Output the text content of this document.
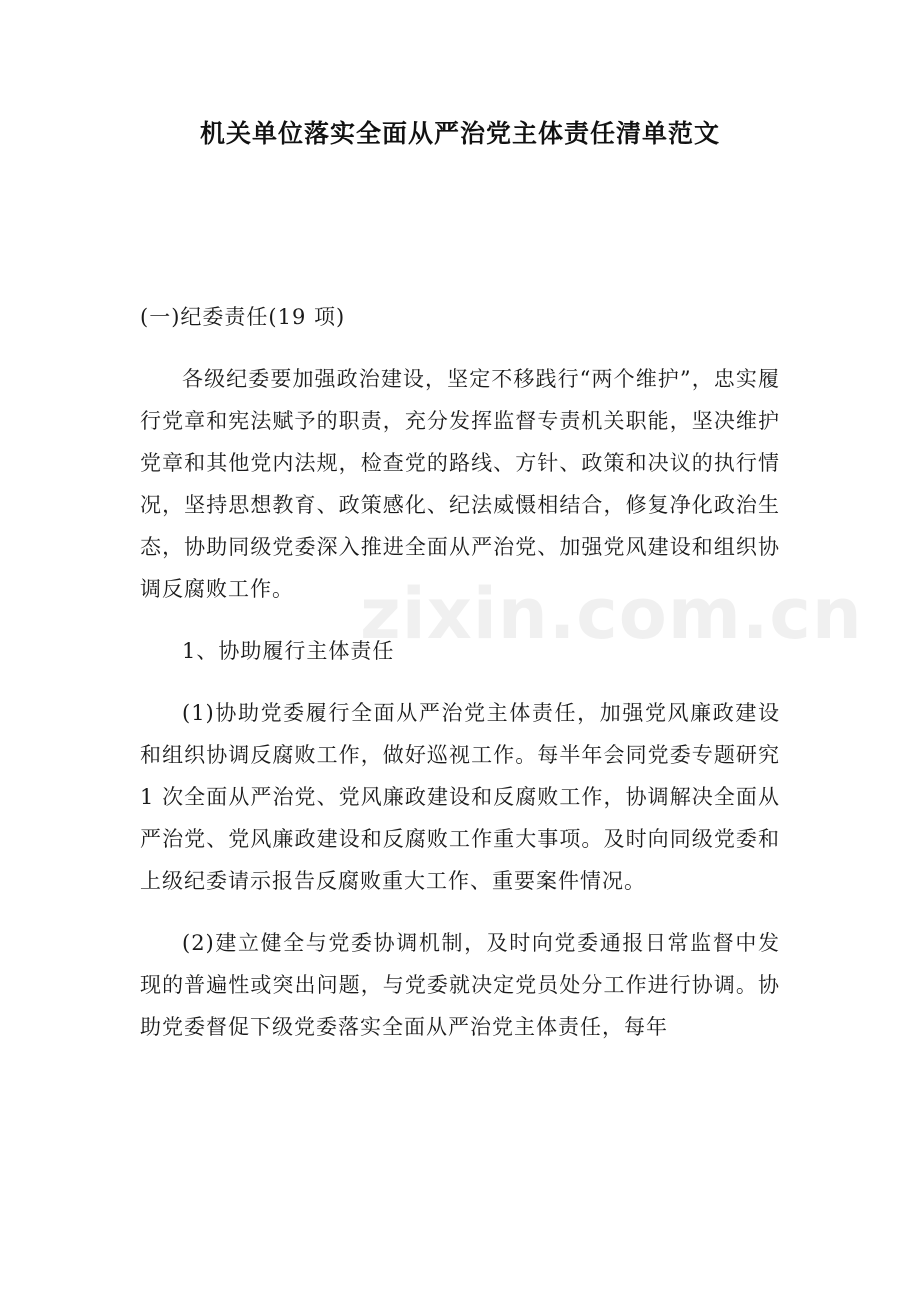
机关单位落实全面从严治党主体责任清单范文
zixin.com.cn

(一)纪委责任(19 项)

各级纪委要加强政治建设，坚定不移践行“两个维护”，忠实履行党章和宪法赋予的职责，充分发挥监督专责机关职能，坚决维护党章和其他党内法规，检查党的路线、方针、政策和决议的执行情况，坚持思想教育、政策感化、纪法威慑相结合，修复净化政治生态，协助同级党委深入推进全面从严治党、加强党风建设和组织协调反腐败工作。

1、协助履行主体责任

(1)协助党委履行全面从严治党主体责任，加强党风廉政建设和组织协调反腐败工作，做好巡视工作。每半年会同党委专题研究 1 次全面从严治党、党风廉政建设和反腐败工作，协调解决全面从严治党、党风廉政建设和反腐败工作重大事项。及时向同级党委和上级纪委请示报告反腐败重大工作、重要案件情况。

(2)建立健全与党委协调机制，及时向党委通报日常监督中发现的普遍性或突出问题，与党委就决定党员处分工作进行协调。协助党委督促下级党委落实全面从严治党主体责任，每年
